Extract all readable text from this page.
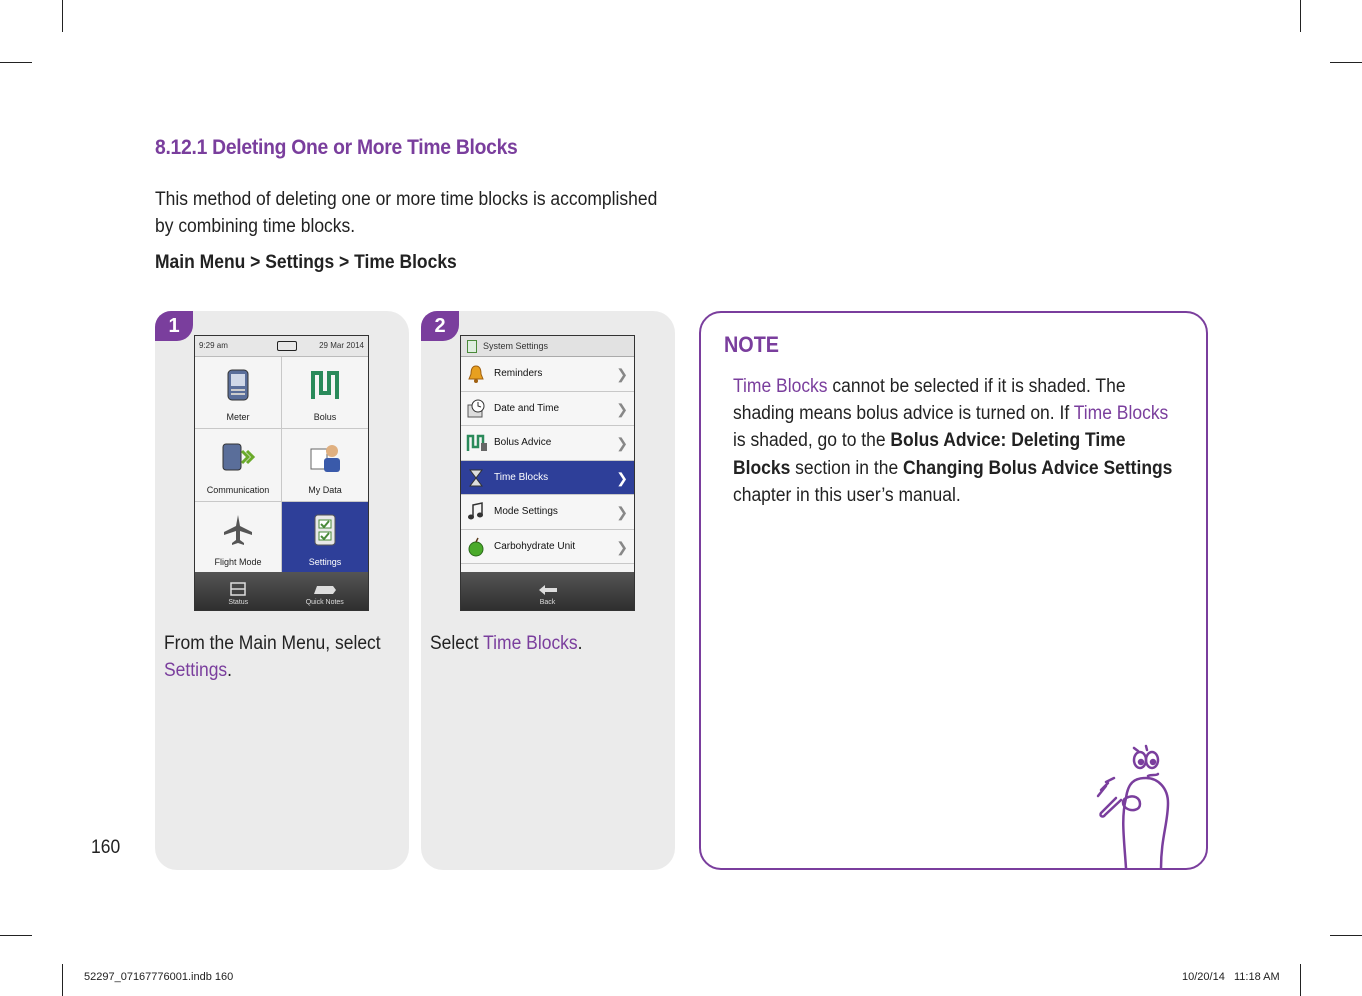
8.12.1 Deleting One or More Time Blocks
This method of deleting one or more time blocks is accomplished
by combining time blocks.
Main Menu > Settings > Time Blocks
1
9:29 am	29 Mar 2014
Meter	Bolus
Communication	My Data
Flight Mode	Settings
Status	Quick Notes
From the Main Menu, select
Settings.
2
System Settings
Reminders	❯
Date and Time	❯
Bolus Advice	❯
Time Blocks	❯
Mode Settings	❯
Carbohydrate Unit	❯
Back
Select Time Blocks.
NOTE
Time Blocks cannot be selected if it is shaded. The shading means bolus advice is turned on. If Time Blocks is shaded, go to the Bolus Advice: Deleting Time Blocks section in the Changing Bolus Advice Settings chapter in this user’s manual.
160
52297_07167776001.indb 160	10/20/14   11:18 AM
